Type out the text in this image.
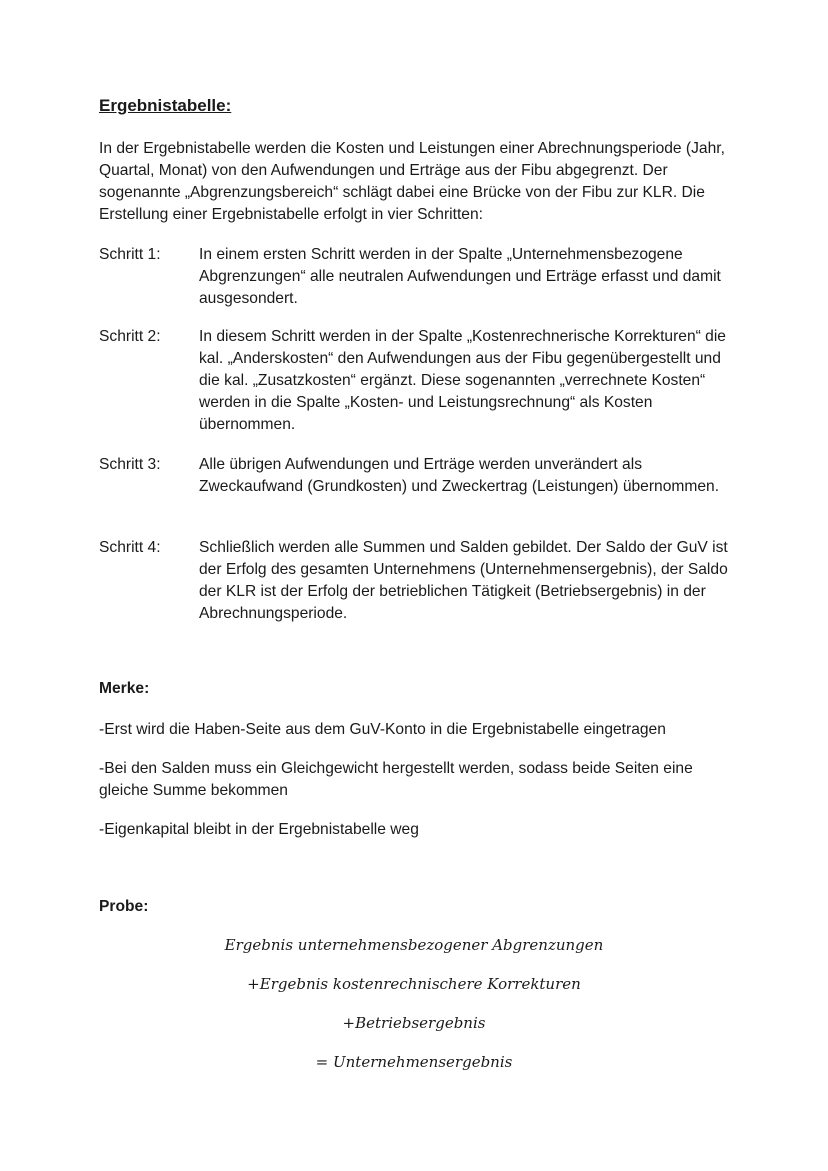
Ergebnistabelle:

In der Ergebnistabelle werden die Kosten und Leistungen einer Abrechnungsperiode (Jahr, Quartal, Monat) von den Aufwendungen und Erträge aus der Fibu abgegrenzt. Der sogenannte „Abgrenzungsbereich“ schlägt dabei eine Brücke von der Fibu zur KLR. Die Erstellung einer Ergebnistabelle erfolgt in vier Schritten:

Schritt 1:	In einem ersten Schritt werden in der Spalte „Unternehmensbezogene Abgrenzungen“ alle neutralen Aufwendungen und Erträge erfasst und damit ausgesondert.

Schritt 2:	In diesem Schritt werden in der Spalte „Kostenrechnerische Korrekturen“ die kal. „Anderskosten“ den Aufwendungen aus der Fibu gegenübergestellt und die kal. „Zusatzkosten“ ergänzt. Diese sogenannten „verrechnete Kosten“ werden in die Spalte „Kosten- und Leistungsrechnung“ als Kosten übernommen.

Schritt 3:	Alle übrigen Aufwendungen und Erträge werden unverändert als Zweckaufwand (Grundkosten) und Zweckertrag (Leistungen) übernommen.

Schritt 4:	Schließlich werden alle Summen und Salden gebildet. Der Saldo der GuV ist der Erfolg des gesamten Unternehmens (Unternehmensergebnis), der Saldo der KLR ist der Erfolg der betrieblichen Tätigkeit (Betriebsergebnis) in der Abrechnungsperiode.

Merke:

-Erst wird die Haben-Seite aus dem GuV-Konto in die Ergebnistabelle eingetragen

-Bei den Salden muss ein Gleichgewicht hergestellt werden, sodass beide Seiten eine gleiche Summe bekommen

-Eigenkapital bleibt in der Ergebnistabelle weg

Probe:
Ergebnis unternehmensbezogener Abgrenzungen
+Ergebnis kostenrechnischere Korrekturen
+Betriebsergebnis
= Unternehmensergebnis
